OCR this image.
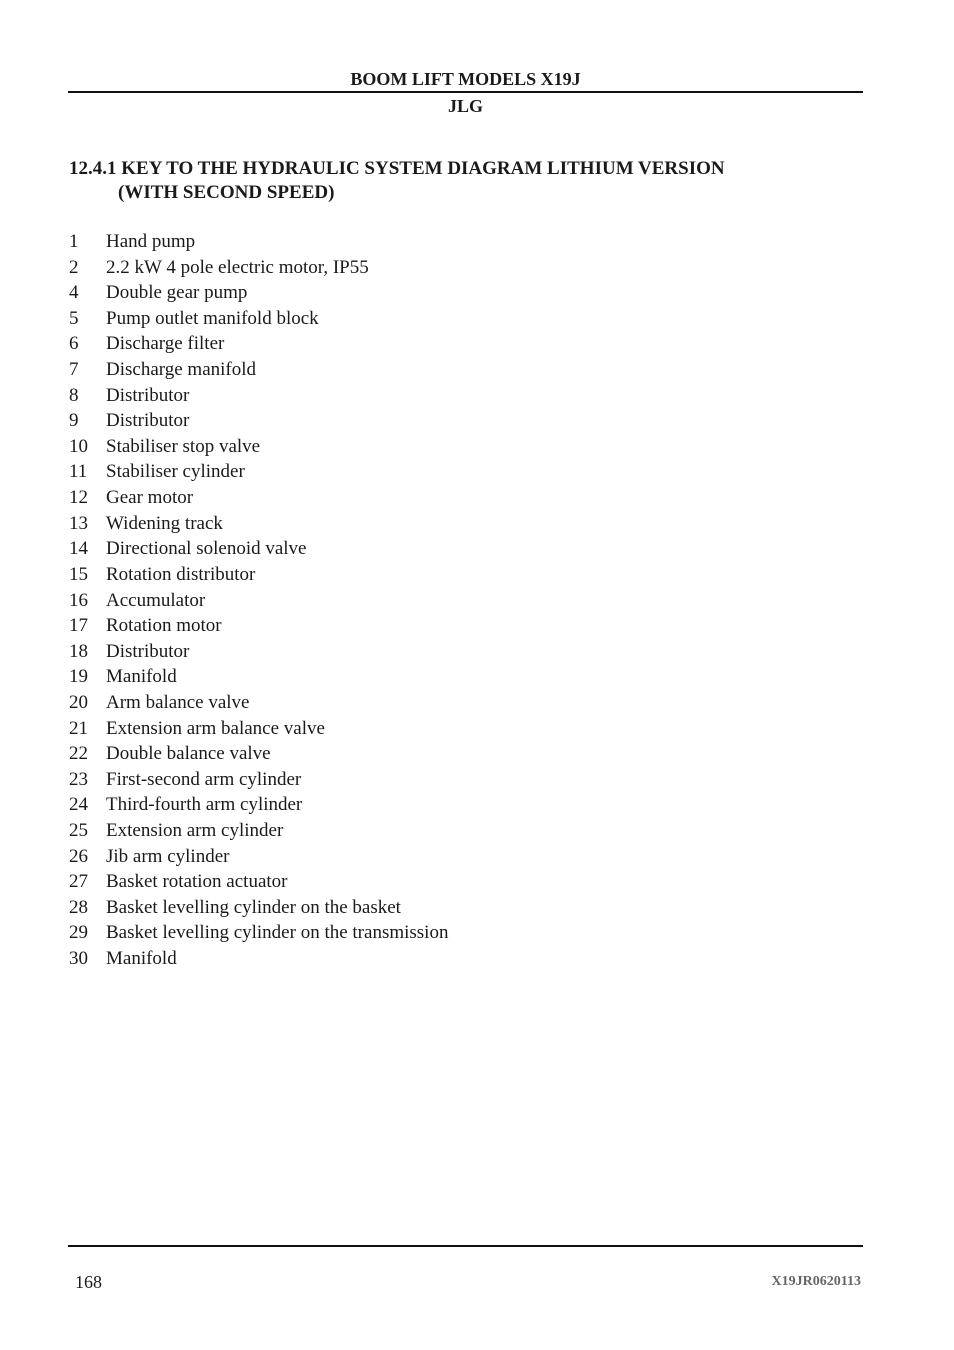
BOOM LIFT MODELS X19J
JLG
12.4.1 KEY TO THE HYDRAULIC SYSTEM DIAGRAM LITHIUM VERSION
(WITH SECOND SPEED)
1	Hand pump
2	2.2 kW 4 pole electric motor, IP55
4	Double gear pump
5	Pump outlet manifold block
6	Discharge filter
7	Discharge manifold
8	Distributor
9	Distributor
10 Stabiliser stop valve
11 Stabiliser cylinder
12 Gear motor
13 Widening track
14 Directional solenoid valve
15 Rotation distributor
16 Accumulator
17 Rotation motor
18 Distributor
19 Manifold
20 Arm balance valve
21 Extension arm balance valve
22 Double balance valve
23 First-second arm cylinder
24 Third-fourth arm cylinder
25 Extension arm cylinder
26 Jib arm cylinder
27 Basket rotation actuator
28 Basket levelling cylinder on the basket
29 Basket levelling cylinder on the transmission
30 Manifold
168	X19JR0620113
